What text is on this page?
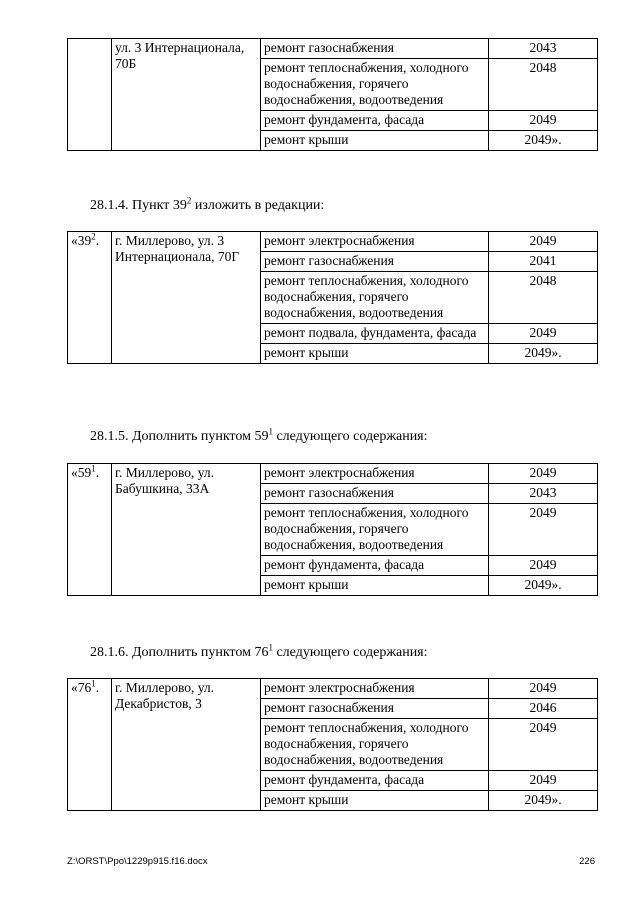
	ул. 3 Интернационала, 70Б	ремонт газоснабжения	2043
		ремонт теплоснабжения, холодного водоснабжения, горячего водоснабжения, водоотведения	2048
		ремонт фундамента, фасада	2049
		ремонт крыши	2049».
28.1.4. Пункт $39^2$ изложить в редакции:
«$39^2$.	г. Миллерово, ул. 3 Интернационала, 70Г	ремонт электроснабжения	2049
		ремонт газоснабжения	2041
		ремонт теплоснабжения, холодного водоснабжения, горячего водоснабжения, водоотведения	2048
		ремонт подвала, фундамента, фасада	2049
		ремонт крыши	2049».
28.1.5. Дополнить пунктом $59^1$ следующего содержания:
«$59^1$.	г. Миллерово, ул. Бабушкина, 33А	ремонт электроснабжения	2049
		ремонт газоснабжения	2043
		ремонт теплоснабжения, холодного водоснабжения, горячего водоснабжения, водоотведения	2049
		ремонт фундамента, фасада	2049
		ремонт крыши	2049».
28.1.6. Дополнить пунктом $76^1$ следующего содержания:
«$76^1$.	г. Миллерово, ул. Декабристов, 3	ремонт электроснабжения	2049
		ремонт газоснабжения	2046
		ремонт теплоснабжения, холодного водоснабжения, горячего водоснабжения, водоотведения	2049
		ремонт фундамента, фасада	2049
		ремонт крыши	2049».
Z:\ORST\Ppo\1229p915.f16.docx	226
